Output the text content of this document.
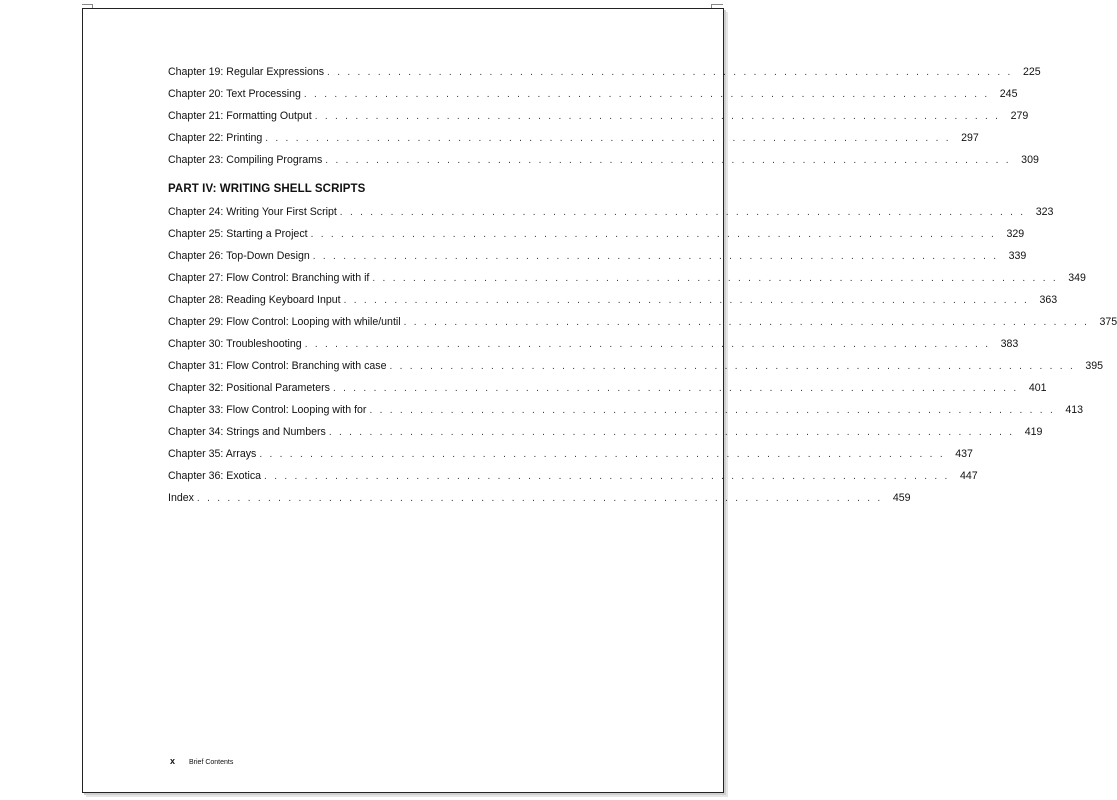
Chapter 19: Regular Expressions . . . . . . . . . . . . . . . . . . . . . . . . . . . . . . . . . . . . . . . . . . . . . . . . . . . . . . . . . . . . . . . . . . . . 225
Chapter 20: Text Processing . . . . . . . . . . . . . . . . . . . . . . . . . . . . . . . . . . . . . . . . . . . . . . . . . . . . . . . . . . . . . . . . . . . . 245
Chapter 21: Formatting Output . . . . . . . . . . . . . . . . . . . . . . . . . . . . . . . . . . . . . . . . . . . . . . . . . . . . . . . . . . . . . . . . . . . . 279
Chapter 22: Printing . . . . . . . . . . . . . . . . . . . . . . . . . . . . . . . . . . . . . . . . . . . . . . . . . . . . . . . . . . . . . . . . . . . . 297
Chapter 23: Compiling Programs . . . . . . . . . . . . . . . . . . . . . . . . . . . . . . . . . . . . . . . . . . . . . . . . . . . . . . . . . . . . . . . . . . . . 309
PART IV: WRITING SHELL SCRIPTS
Chapter 24: Writing Your First Script . . . . . . . . . . . . . . . . . . . . . . . . . . . . . . . . . . . . . . . . . . . . . . . . . . . . . . . . . . . . . . . . . . . . 323
Chapter 25: Starting a Project . . . . . . . . . . . . . . . . . . . . . . . . . . . . . . . . . . . . . . . . . . . . . . . . . . . . . . . . . . . . . . . . . . . . 329
Chapter 26: Top-Down Design . . . . . . . . . . . . . . . . . . . . . . . . . . . . . . . . . . . . . . . . . . . . . . . . . . . . . . . . . . . . . . . . . . . . 339
Chapter 27: Flow Control: Branching with if . . . . . . . . . . . . . . . . . . . . . . . . . . . . . . . . . . . . . . . . . . . . . . . . . . . . . . . . . . . . . . . . . . . . 349
Chapter 28: Reading Keyboard Input . . . . . . . . . . . . . . . . . . . . . . . . . . . . . . . . . . . . . . . . . . . . . . . . . . . . . . . . . . . . . . . . . . . . 363
Chapter 29: Flow Control: Looping with while/until . . . . . . . . . . . . . . . . . . . . . . . . . . . . . . . . . . . . . . . . . . . . . . . . . . . . . . . . . . . . . . . . . . . . 375
Chapter 30: Troubleshooting . . . . . . . . . . . . . . . . . . . . . . . . . . . . . . . . . . . . . . . . . . . . . . . . . . . . . . . . . . . . . . . . . . . . 383
Chapter 31: Flow Control: Branching with case . . . . . . . . . . . . . . . . . . . . . . . . . . . . . . . . . . . . . . . . . . . . . . . . . . . . . . . . . . . . . . . . . . . . 395
Chapter 32: Positional Parameters . . . . . . . . . . . . . . . . . . . . . . . . . . . . . . . . . . . . . . . . . . . . . . . . . . . . . . . . . . . . . . . . . . . . 401
Chapter 33: Flow Control: Looping with for . . . . . . . . . . . . . . . . . . . . . . . . . . . . . . . . . . . . . . . . . . . . . . . . . . . . . . . . . . . . . . . . . . . . 413
Chapter 34: Strings and Numbers . . . . . . . . . . . . . . . . . . . . . . . . . . . . . . . . . . . . . . . . . . . . . . . . . . . . . . . . . . . . . . . . . . . . 419
Chapter 35: Arrays . . . . . . . . . . . . . . . . . . . . . . . . . . . . . . . . . . . . . . . . . . . . . . . . . . . . . . . . . . . . . . . . . . . . 437
Chapter 36: Exotica . . . . . . . . . . . . . . . . . . . . . . . . . . . . . . . . . . . . . . . . . . . . . . . . . . . . . . . . . . . . . . . . . . . . 447
Index . . . . . . . . . . . . . . . . . . . . . . . . . . . . . . . . . . . . . . . . . . . . . . . . . . . . . . . . . . . . . . . . . . . . 459
x	Brief Contents
